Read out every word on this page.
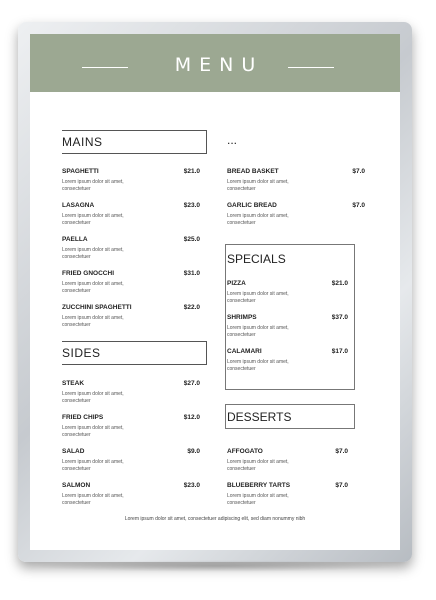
MENU
MAINS
SPAGHETTI	$21.0
Lorem ipsum dolor sit amet, consectetuer
LASAGNA	$23.0
Lorem ipsum dolor sit amet, consectetuer
PAELLA	$25.0
Lorem ipsum dolor sit amet, consectetuer
FRIED GNOCCHI	$31.0
Lorem ipsum dolor sit amet, consectetuer
ZUCCHINI SPAGHETTI	$22.0
Lorem ipsum dolor sit amet, consectetuer
...
BREAD BASKET	$7.0
Lorem ipsum dolor sit amet, consectetuer
GARLIC BREAD	$7.0
Lorem ipsum dolor sit amet, consectetuer
SPECIALS
PIZZA	$21.0
Lorem ipsum dolor sit amet, consectetuer
SHRIMPS	$37.0
Lorem ipsum dolor sit amet, consectetuer
CALAMARI	$17.0
Lorem ipsum dolor sit amet, consectetuer
SIDES
STEAK	$27.0
Lorem ipsum dolor sit amet, consectetuer
FRIED CHIPS	$12.0
Lorem ipsum dolor sit amet, consectetuer
SALAD	$9.0
Lorem ipsum dolor sit amet, consectetuer
SALMON	$23.0
Lorem ipsum dolor sit amet, consectetuer
DESSERTS
AFFOGATO	$7.0
Lorem ipsum dolor sit amet, consectetuer
BLUEBERRY TARTS	$7.0
Lorem ipsum dolor sit amet, consectetuer
Lorem ipsum dolor sit amet, consectetuer adipiscing elit, sed diam nonummy nibh
